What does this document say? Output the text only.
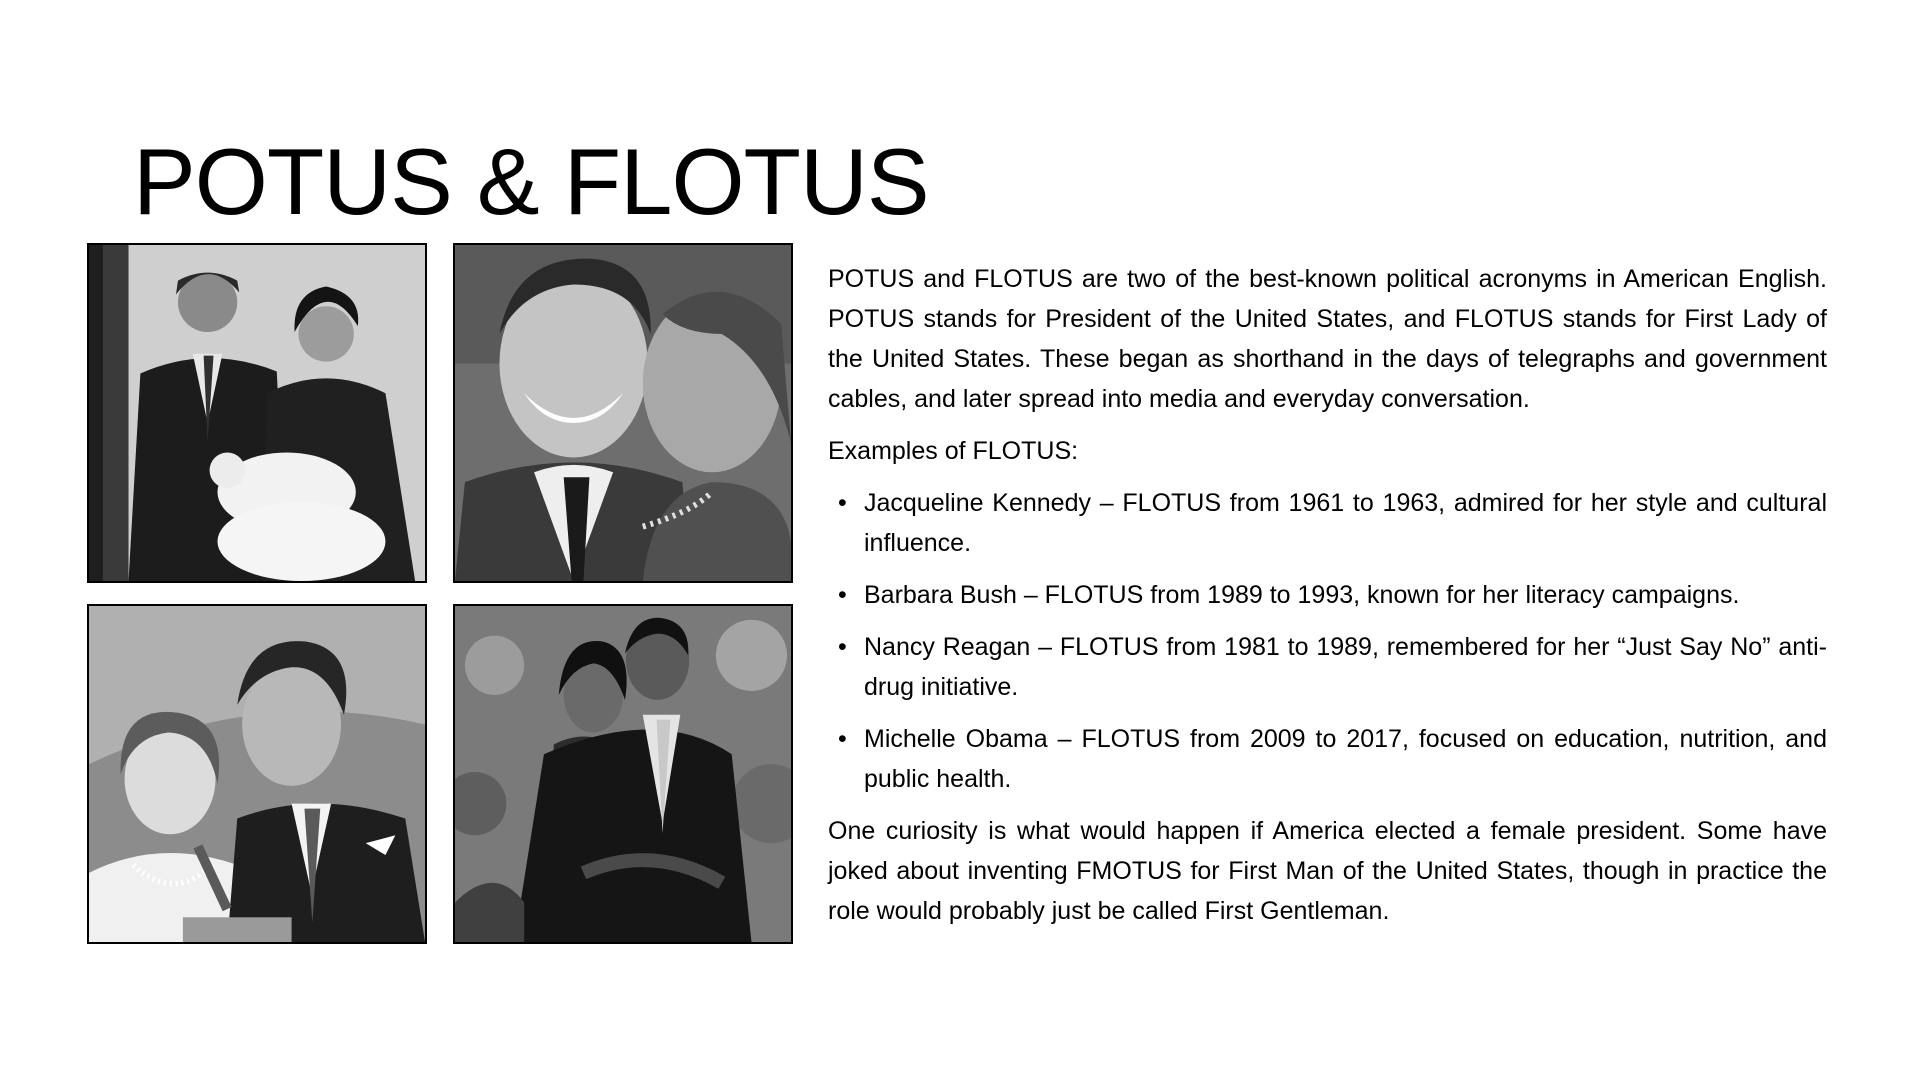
POTUS & FLOTUS

POTUS and FLOTUS are two of the best-known political acronyms in American English. POTUS stands for President of the United States, and FLOTUS stands for First Lady of the United States. These began as shorthand in the days of telegraphs and government cables, and later spread into media and everyday conversation.

Examples of FLOTUS:

• Jacqueline Kennedy – FLOTUS from 1961 to 1963, admired for her style and cultural influence.
• Barbara Bush – FLOTUS from 1989 to 1993, known for her literacy campaigns.
• Nancy Reagan – FLOTUS from 1981 to 1989, remembered for her “Just Say No” anti-drug initiative.
• Michelle Obama – FLOTUS from 2009 to 2017, focused on education, nutrition, and public health.

One curiosity is what would happen if America elected a female president. Some have joked about inventing FMOTUS for First Man of the United States, though in practice the role would probably just be called First Gentleman.
